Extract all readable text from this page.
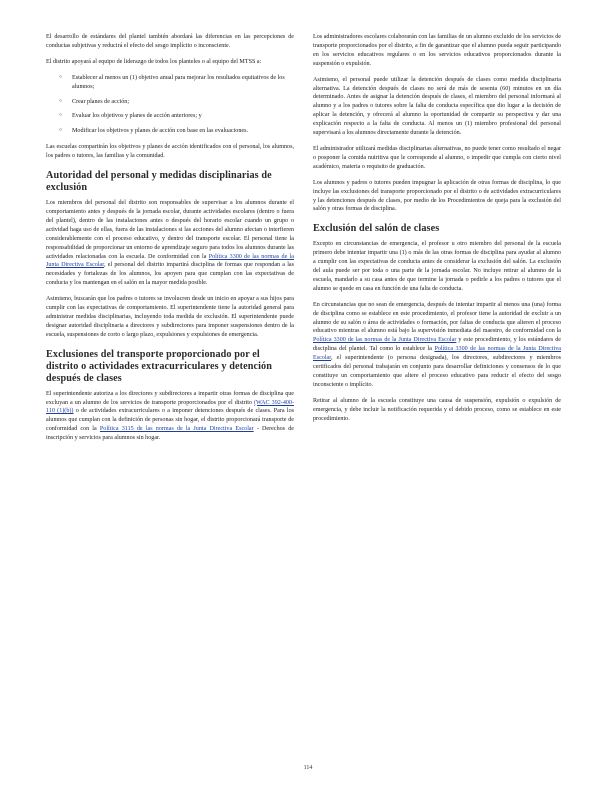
El desarrollo de estándares del plantel también abordará las diferencias en las percepciones de conductas subjetivas y reducirá el efecto del sesgo implícito o inconsciente.

El distrito apoyará al equipo de liderazgo de todos los planteles o al equipo del MTSS a:

○ Establecer al menos un (1) objetivo anual para mejorar los resultados equitativos de los alumnos;
○ Crear planes de acción;
○ Evaluar los objetivos y planes de acción anteriores; y
○ Modificar los objetivos y planes de acción con base en las evaluaciones.

Las escuelas compartirán los objetivos y planes de acción identificados con el personal, los alumnos, los padres o tutores, las familias y la comunidad.

Autoridad del personal y medidas disciplinarias de exclusión

Los miembros del personal del distrito son responsables de supervisar a los alumnos durante el comportamiento antes y después de la jornada escolar, durante actividades escolares (dentro o fuera del plantel), dentro de las instalaciones antes o después del horario escolar cuando un grupo o actividad haga uso de ellas, fuera de las instalaciones si las acciones del alumno afectan o interfieren considerablemente con el proceso educativo, y dentro del transporte escolar. El personal tiene la responsabilidad de proporcionar un entorno de aprendizaje seguro para todos los alumnos durante las actividades relacionadas con la escuela. De conformidad con la Política 3300 de las normas de la Junta Directiva Escolar, el personal del distrito impartirá disciplina de formas que respondan a las necesidades y fortalezas de los alumnos, los apoyen para que cumplan con las expectativas de conducta y los mantengan en el salón en la mayor medida posible.

Asimismo, buscarán que los padres o tutores se involucren desde un inicio en apoyar a sus hijos para cumplir con las expectativas de comportamiento. El superintendente tiene la autoridad general para administrar medidas disciplinarias, incluyendo toda medida de exclusión. El superintendente puede designar autoridad disciplinaria a directores y subdirectores para imponer suspensiones dentro de la escuela, suspensiones de corto o largo plazo, expulsiones y expulsiones de emergencia.

Exclusiones del transporte proporcionado por el distrito o actividades extracurriculares y detención después de clases

El superintendente autoriza a los directores y subdirectores a impartir otras formas de disciplina que excluyan a un alumno de los servicios de transporte proporcionados por el distrito (WAC 392-400-110 (1)(b)) o de actividades extracurriculares o a imponer detenciones después de clases. Para los alumnos que cumplan con la definición de personas sin hogar, el distrito proporcionará transporte de conformidad con la Política 3115 de las normas de la Junta Directiva Escolar - Derechos de inscripción y servicios para alumnos sin hogar.

Los administradores escolares colaborarán con las familias de un alumno excluido de los servicios de transporte proporcionados por el distrito, a fin de garantizar que el alumno pueda seguir participando en los servicios educativos regulares o en los servicios educativos proporcionados durante la suspensión o expulsión.

Asimismo, el personal puede utilizar la detención después de clases como medida disciplinaria alternativa. La detención después de clases no será de más de sesenta (60) minutos en un día determinado. Antes de asignar la detención después de clases, el miembro del personal informará al alumno y a los padres o tutores sobre la falta de conducta específica que dio lugar a la decisión de aplicar la detención, y ofrecerá al alumno la oportunidad de compartir su perspectiva y dar una explicación respecto a la falta de conducta. Al menos un (1) miembro profesional del personal supervisará a los alumnos directamente durante la detención.

El administrador utilizará medidas disciplinarias alternativas, no puede tener como resultado el negar o posponer la comida nutritiva que le corresponde al alumno, o impedir que cumpla con cierto nivel académico, materia o requisito de graduación.

Los alumnos y padres o tutores pueden impugnar la aplicación de otras formas de disciplina, lo que incluye las exclusiones del transporte proporcionado por el distrito o de actividades extracurriculares y las detenciones después de clases, por medio de los Procedimientos de queja para la exclusión del salón y otras formas de disciplina.

Exclusión del salón de clases

Excepto en circunstancias de emergencia, el profesor u otro miembro del personal de la escuela primero debe intentar impartir una (1) o más de las otras formas de disciplina para ayudar al alumno a cumplir con las expectativas de conducta antes de considerar la exclusión del salón. La exclusión del aula puede ser por toda o una parte de la jornada escolar. No incluye retirar al alumno de la escuela, mandarlo a su casa antes de que termine la jornada o pedirle a los padres o tutores que el alumno se quede en casa en función de una falta de conducta.

En circunstancias que no sean de emergencia, después de intentar impartir al menos una (una) forma de disciplina como se establece en este procedimiento, el profesor tiene la autoridad de excluir a un alumno de su salón o área de actividades o formación, por faltas de conducta que alteren el proceso educativo mientras el alumno está bajo la supervisión inmediata del maestro, de conformidad con la Política 3300 de las normas de la Junta Directiva Escolar y este procedimiento, y los estándares de disciplina del plantel. Tal como lo establece la Política 3300 de las normas de la Junta Directiva Escolar, el superintendente (o persona designada), los directores, subdirectores y miembros certificados del personal trabajarán en conjunto para desarrollar definiciones y consensos de lo que constituye un comportamiento que altere el proceso educativo para reducir el efecto del sesgo inconsciente o implícito.

Retirar al alumno de la escuela constituye una causa de suspensión, expulsión o expulsión de emergencia, y debe incluir la notificación requerida y el debido proceso, como se establece en este procedimiento.

114
